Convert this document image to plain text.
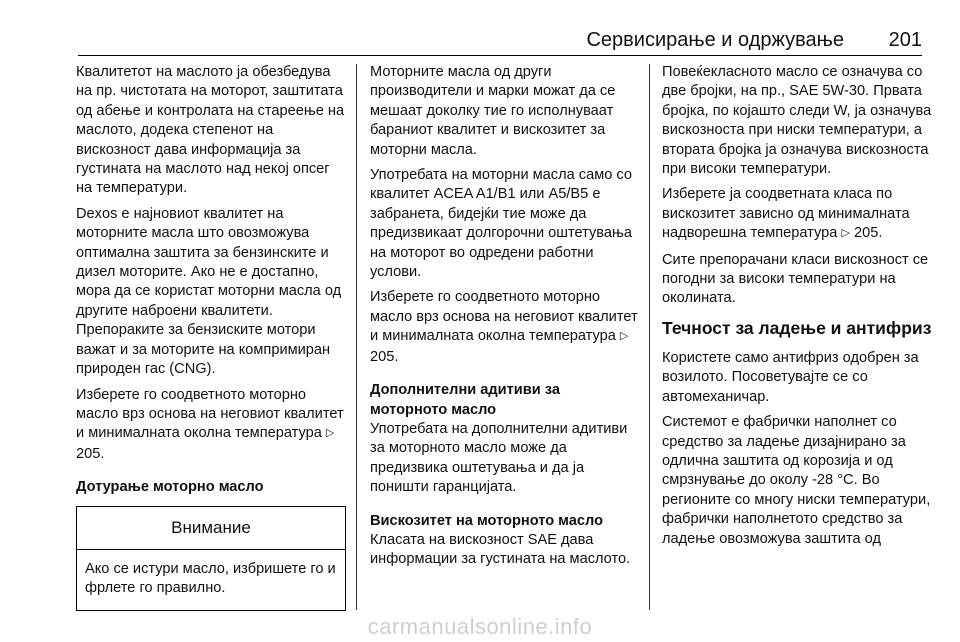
Сервисирање и одржување 201

Квалитетот на маслото ја обезбедува на пр. чистотата на моторот, заштитата од абење и контролата на стареење на маслото, додека степенот на вискозност дава информација за густината на маслото над некој опсег на температури.

Dexos е најновиот квалитет на моторните масла што овозможува оптимална заштита за бензинските и дизел моторите. Ако не е достапно, мора да се користат моторни масла од другите наброени квалитети. Препораките за бензиските мотори важат и за моторите на компримиран природен гас (CNG).

Изберете го соодветното моторно масло врз основа на неговиот квалитет и минималната околна температура ▷ 205.

Дотурање моторно масло
Внимание
Ако се истури масло, избришете го и фрлете го правилно.

Моторните масла од други производители и марки можат да се мешаат доколку тие го исполнуваат бараниот квалитет и вискозитет за моторни масла.

Употребата на моторни масла само со квалитет ACEA A1/B1 или A5/B5 е забранета, бидејќи тие може да предизвикаат долгорочни оштетувања на моторот во одредени работни услови.

Изберете го соодветното моторно масло врз основа на неговиот квалитет и минималната околна температура ▷ 205.

Дополнителни адитиви за моторното масло

Употребата на дополнителни адитиви за моторното масло може да предизвика оштетувања и да ја поништи гаранцијата.

Вискозитет на моторното масло

Класата на вискозност SAE дава информации за густината на маслото.

Повеќекласното масло се означува со две бројки, на пр., SAE 5W-30. Првата бројка, по којашто следи W, ја означува вискозноста при ниски температури, а втората бројка ја означува вискозноста при високи температури.

Изберете ја соодветната класа по вискозитет зависно од минималната надворешна температура ▷ 205.

Сите препорачани класи вискозност се погодни за високи температури на околината.

Течност за ладење и антифриз

Користете само антифриз одобрен за возилото. Посоветувајте се со автомеханичар.

Системот е фабрички наполнет со средство за ладење дизајнирано за одлична заштита од корозија и од смрзнување до околу -28 °C. Во регионите со многу ниски температури, фабрички наполнетото средство за ладење овозможува заштита од

carmanualsonline.info
